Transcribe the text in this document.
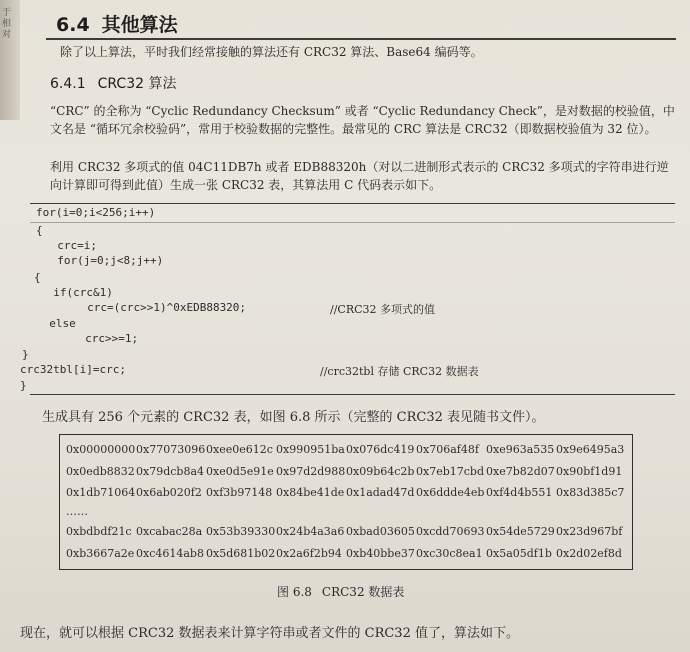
于 相 对 6.4 其他算法
除了以上算法，平时我们经常接触的算法还有 CRC32 算法、Base64 编码等。
6.4.1 CRC32 算法
“CRC” 的全称为 “Cyclic Redundancy Checksum” 或者 “Cyclic Redundancy Check”，是对数据的校验值，中文名是 “循环冗余校验码”，常用于校验数据的完整性。最常见的 CRC 算法是 CRC32（即数据校验值为 32 位）。
利用 CRC32 多项式的值 04C11DB7h 或者 EDB88320h（对以二进制形式表示的 CRC32 多项式的字符串进行逆向计算即可得到此值）生成一张 CRC32 表，其算法用 C 代码表示如下。
for(i=0;i<256;i++)
{
crc=i;
for(j=0;j<8;j++)
{
if(crc&1)
crc=(crc>>1)^0xEDB88320;	//CRC32 多项式的值
else
crc>>=1;
}
crc32tbl[i]=crc;	//crc32tbl 存储 CRC32 数据表
}
生成具有 256 个元素的 CRC32 表，如图 6.8 所示（完整的 CRC32 表见随书文件）。
0x000000000x770730960xee0e612c 0x990951ba0x076dc419 0x706af48f 0xe963a535 0x9e6495a3
0x0edb88320x79dcb8a4 0xe0d5e91e 0x97d2d9880x09b64c2b 0x7eb17cbd 0xe7b82d070x90bf1d91
0x1db710640x6ab020f2 0xf3b97148 0x84be41de 0x1adad47d 0x6ddde4eb 0xf4d4b551 0x83d385c7
……
0xbdbdf21c 0xcabac28a 0x53b393300x24b4a3a6 0xbad036050xcdd70693 0x54de57290x23d967bf
0xb3667a2e 0xc4614ab8 0x5d681b020x2a6f2b94 0xb40bbe370xc30c8ea1 0x5a05df1b 0x2d02ef8d
图 6.8 CRC32 数据表
现在，就可以根据 CRC32 数据表来计算字符串或者文件的 CRC32 值了，算法如下。
